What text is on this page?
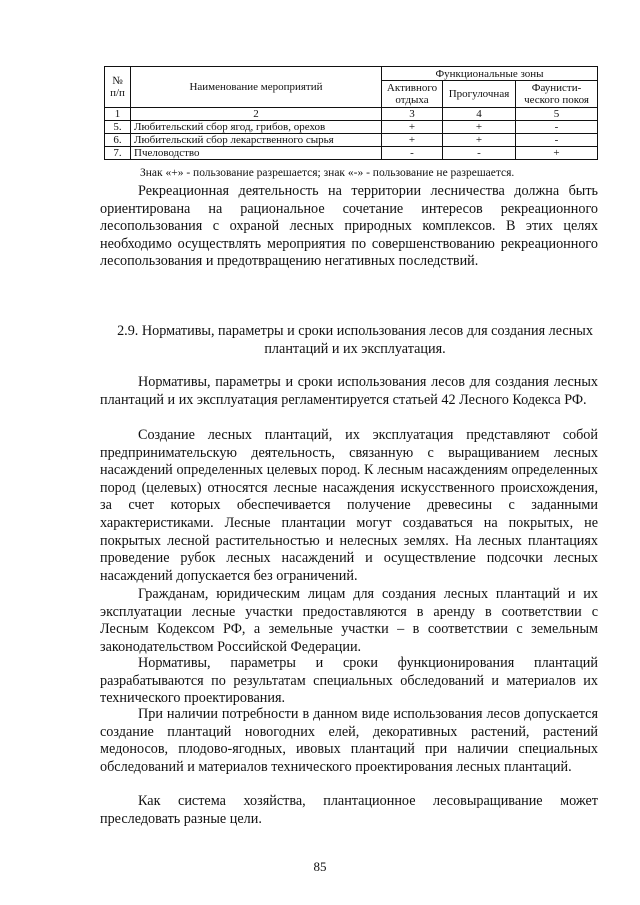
№ п/п	Наименование мероприятий	Функциональные зоны		
		Активного отдыха	Прогулочная	Фаунисти-ческого покоя
1	2	3	4	5
5.	Любительский сбор ягод, грибов, орехов	+	+	-
6.	Любительский сбор лекарственного сырья	+	+	-
7.	Пчеловодство	-	-	+
Знак «+» - пользование разрешается; знак «-» - пользование не разрешается.

Рекреационная деятельность на территории лесничества должна быть ориентирована на рациональное сочетание интересов рекреационного лесопользования с охраной лесных природных комплексов. В этих целях необходимо осуществлять мероприятия по совершенствованию рекреационного лесопользования и предотвращению негативных последствий.

2.9. Нормативы, параметры и сроки использования лесов для создания лесных плантаций и их эксплуатация.

Нормативы, параметры и сроки использования лесов для создания лесных плантаций и их эксплуатация регламентируется статьей 42 Лесного Кодекса РФ.

Создание лесных плантаций, их эксплуатация представляют собой предпринимательскую деятельность, связанную с выращиванием лесных насаждений определенных целевых пород. К лесным насаждениям определенных пород (целевых) относятся лесные насаждения искусственного происхождения, за счет которых обеспечивается получение древесины с заданными характеристиками. Лесные плантации могут создаваться на покрытых, не покрытых лесной растительностью и нелесных землях. На лесных плантациях проведение рубок лесных насаждений и осуществление подсочки лесных насаждений допускается без ограничений.

Гражданам, юридическим лицам для создания лесных плантаций и их эксплуатации лесные участки предоставляются в аренду в соответствии с Лесным Кодексом РФ, а земельные участки – в соответствии с земельным законодательством Российской Федерации.

Нормативы, параметры и сроки функционирования плантаций разрабатываются по результатам специальных обследований и материалов их технического проектирования.

При наличии потребности в данном виде использования лесов допускается создание плантаций новогодних елей, декоративных растений, растений медоносов, плодово-ягодных, ивовых плантаций при наличии специальных обследований и материалов технического проектирования лесных плантаций.

Как система хозяйства, плантационное лесовыращивание может преследовать разные цели.

85
